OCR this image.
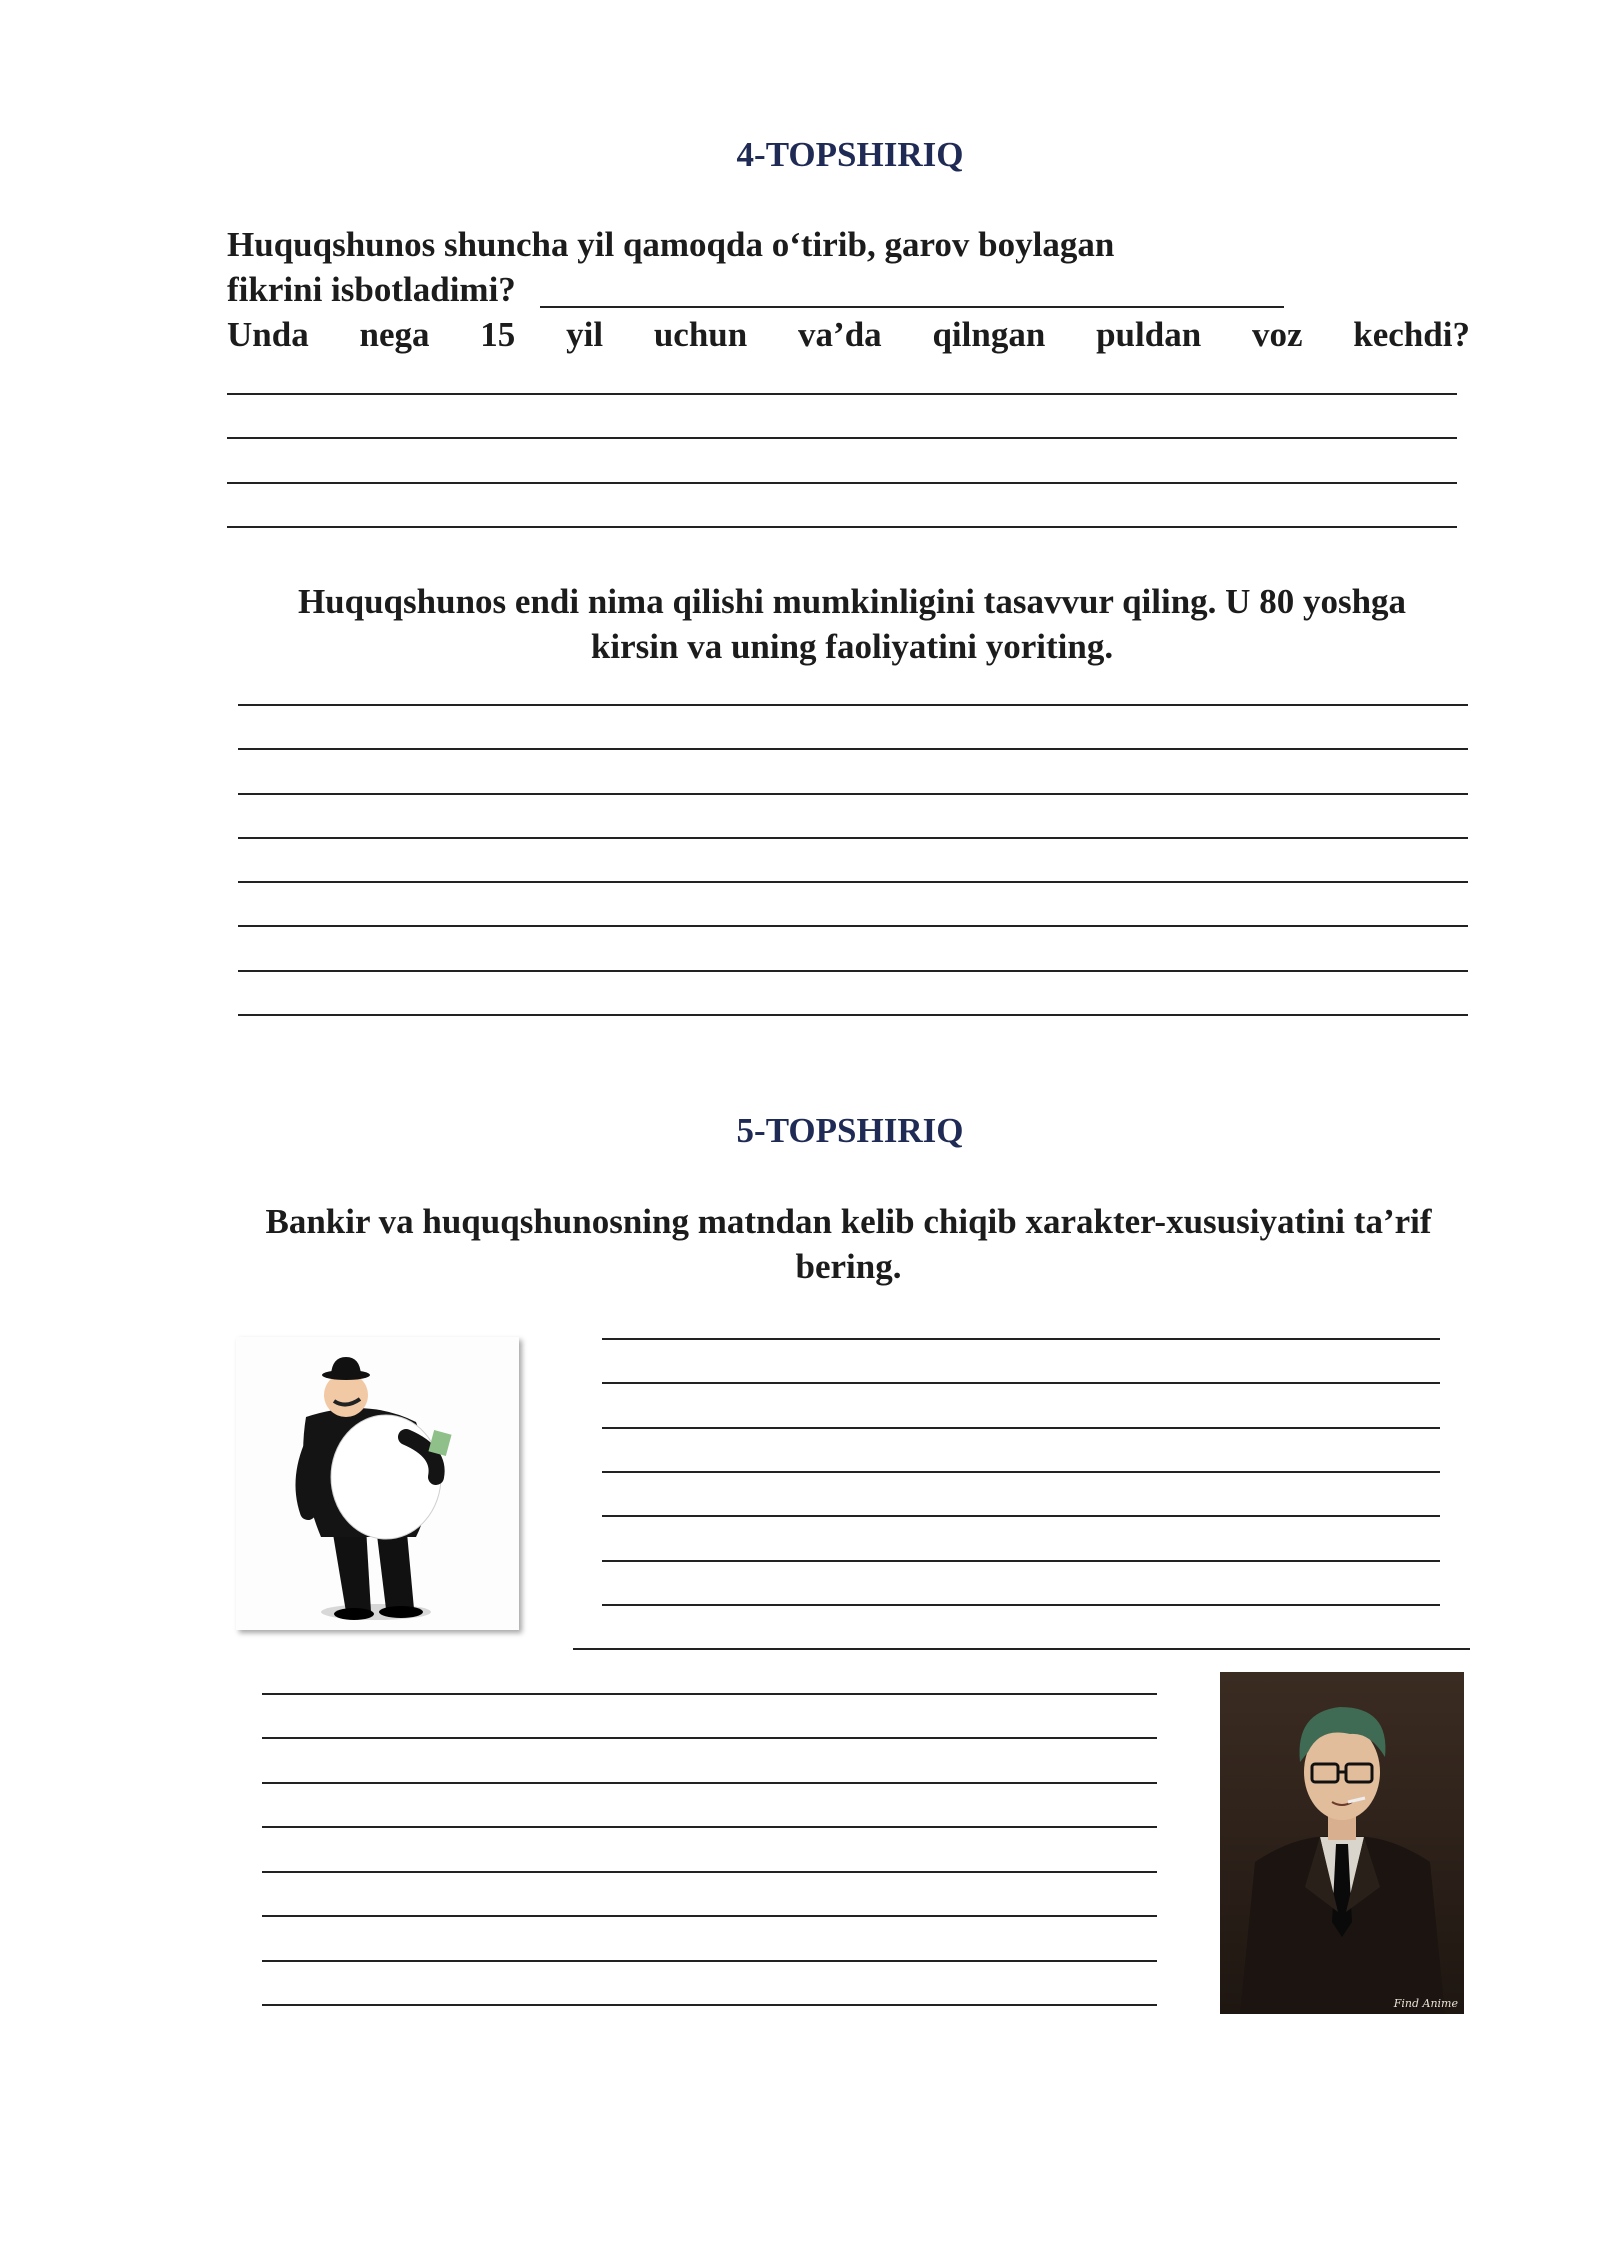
4-TOPSHIRIQ
Huquqshunos shuncha yil qamoqda o‘tirib, garov boylagan
fikrini isbotladimi?
Unda nega 15 yil uchun va’da qilngan puldan voz kechdi?
Huquqshunos endi nima qilishi mumkinligini tasavvur qiling. U 80 yoshga
kirsin va uning faoliyatini yoriting.
5-TOPSHIRIQ
Bankir va huquqshunosning matndan kelib chiqib xarakter-xususiyatini ta’rif
bering.
Find Anime
